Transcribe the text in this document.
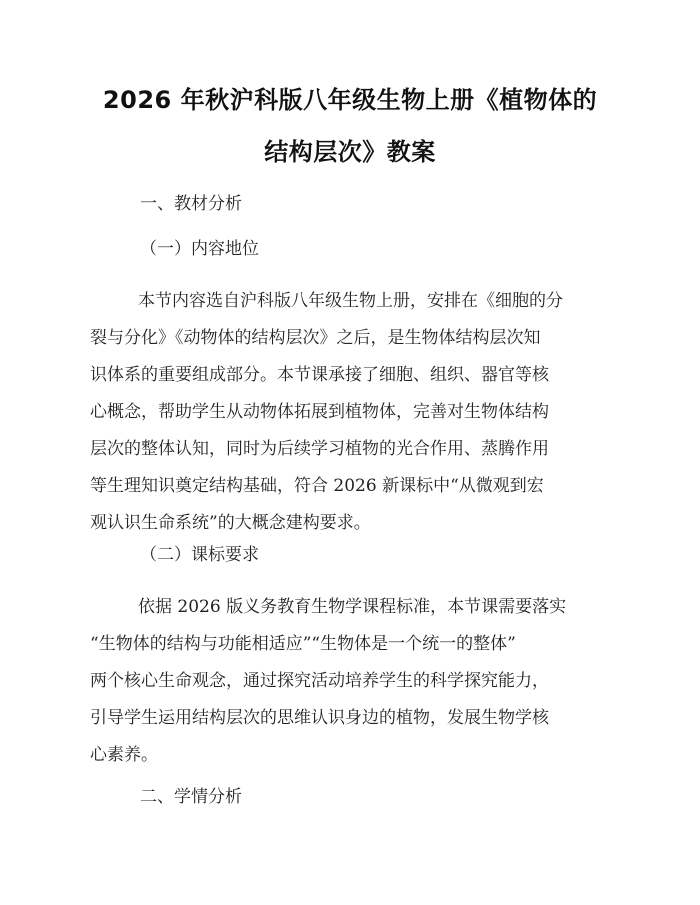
2026 年秋沪科版八年级生物上册《植物体的
结构层次》教案
一、教材分析
（一）内容地位
本节内容选自沪科版八年级生物上册，安排在《细胞的分
裂与分化》《动物体的结构层次》之后，是生物体结构层次知
识体系的重要组成部分。本节课承接了细胞、组织、器官等核
心概念，帮助学生从动物体拓展到植物体，完善对生物体结构
层次的整体认知，同时为后续学习植物的光合作用、蒸腾作用
等生理知识奠定结构基础，符合 2026 新课标中“从微观到宏
观认识生命系统”的大概念建构要求。
（二）课标要求
依据 2026 版义务教育生物学课程标准，本节课需要落实
“生物体的结构与功能相适应”“生物体是一个统一的整体”
两个核心生命观念，通过探究活动培养学生的科学探究能力，
引导学生运用结构层次的思维认识身边的植物，发展生物学核
心素养。
二、学情分析
